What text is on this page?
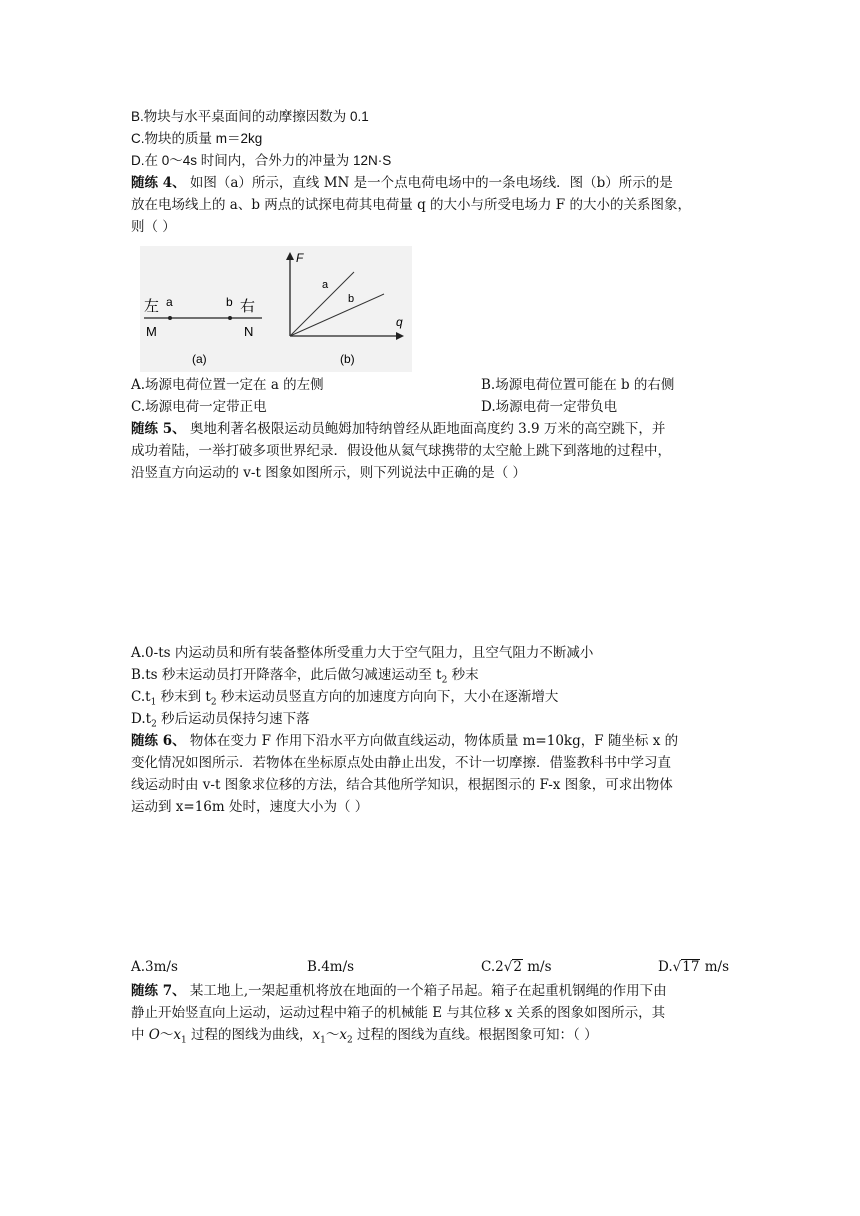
B.物块与水平桌面间的动摩擦因数为 0.1
C.物块的质量 m＝2kg
D.在 0～4s 时间内，合外力的冲量为 12N·S
随练 4、 如图（a）所示，直线 MN 是一个点电荷电场中的一条电场线．图（b）所示的是
放在电场线上的 a、b 两点的试探电荷其电荷量 q 的大小与所受电场力 F 的大小的关系图象，
则（ ）
左 a	b 右
M	N
(a)
F
q
a
b
(b)
A.场源电荷位置一定在 a 的左侧	B.场源电荷位置可能在 b 的右侧
C.场源电荷一定带正电	D.场源电荷一定带负电
随练 5、 奥地利著名极限运动员鲍姆加特纳曾经从距地面高度约 3.9 万米的高空跳下，并
成功着陆，一举打破多项世界纪录．假设他从氦气球携带的太空舱上跳下到落地的过程中，
沿竖直方向运动的 v-t 图象如图所示，则下列说法中正确的是（ ）
A.0-ts 内运动员和所有装备整体所受重力大于空气阻力，且空气阻力不断减小
B.ts 秒末运动员打开降落伞，此后做匀减速运动至 $t_2$ 秒末
$C.t_1$ 秒末到 $t_2$ 秒末运动员竖直方向的加速度方向向下，大小在逐渐增大
$D.t_2$ 秒后运动员保持匀速下落
随练 6、 物体在变力 F 作用下沿水平方向做直线运动，物体质量 m=10kg，F 随坐标 x 的
变化情况如图所示．若物体在坐标原点处由静止出发，不计一切摩擦．借鉴教科书中学习直
线运动时由 v-t 图象求位移的方法，结合其他所学知识，根据图示的 F-x 图象，可求出物体
运动到 x=16m 处时，速度大小为（ ）
A.3m/s	B.4m/s	C.2√2 m/s	D.√17 m/s
随练 7、 某工地上,一架起重机将放在地面的一个箱子吊起。箱子在起重机钢绳的作用下由
静止开始竖直向上运动，运动过程中箱子的机械能 E 与其位移 x 关系的图象如图所示，其
中 $O\sim x_1$ 过程的图线为曲线，$x_1\sim x_2$ 过程的图线为直线。根据图象可知：（ ）
